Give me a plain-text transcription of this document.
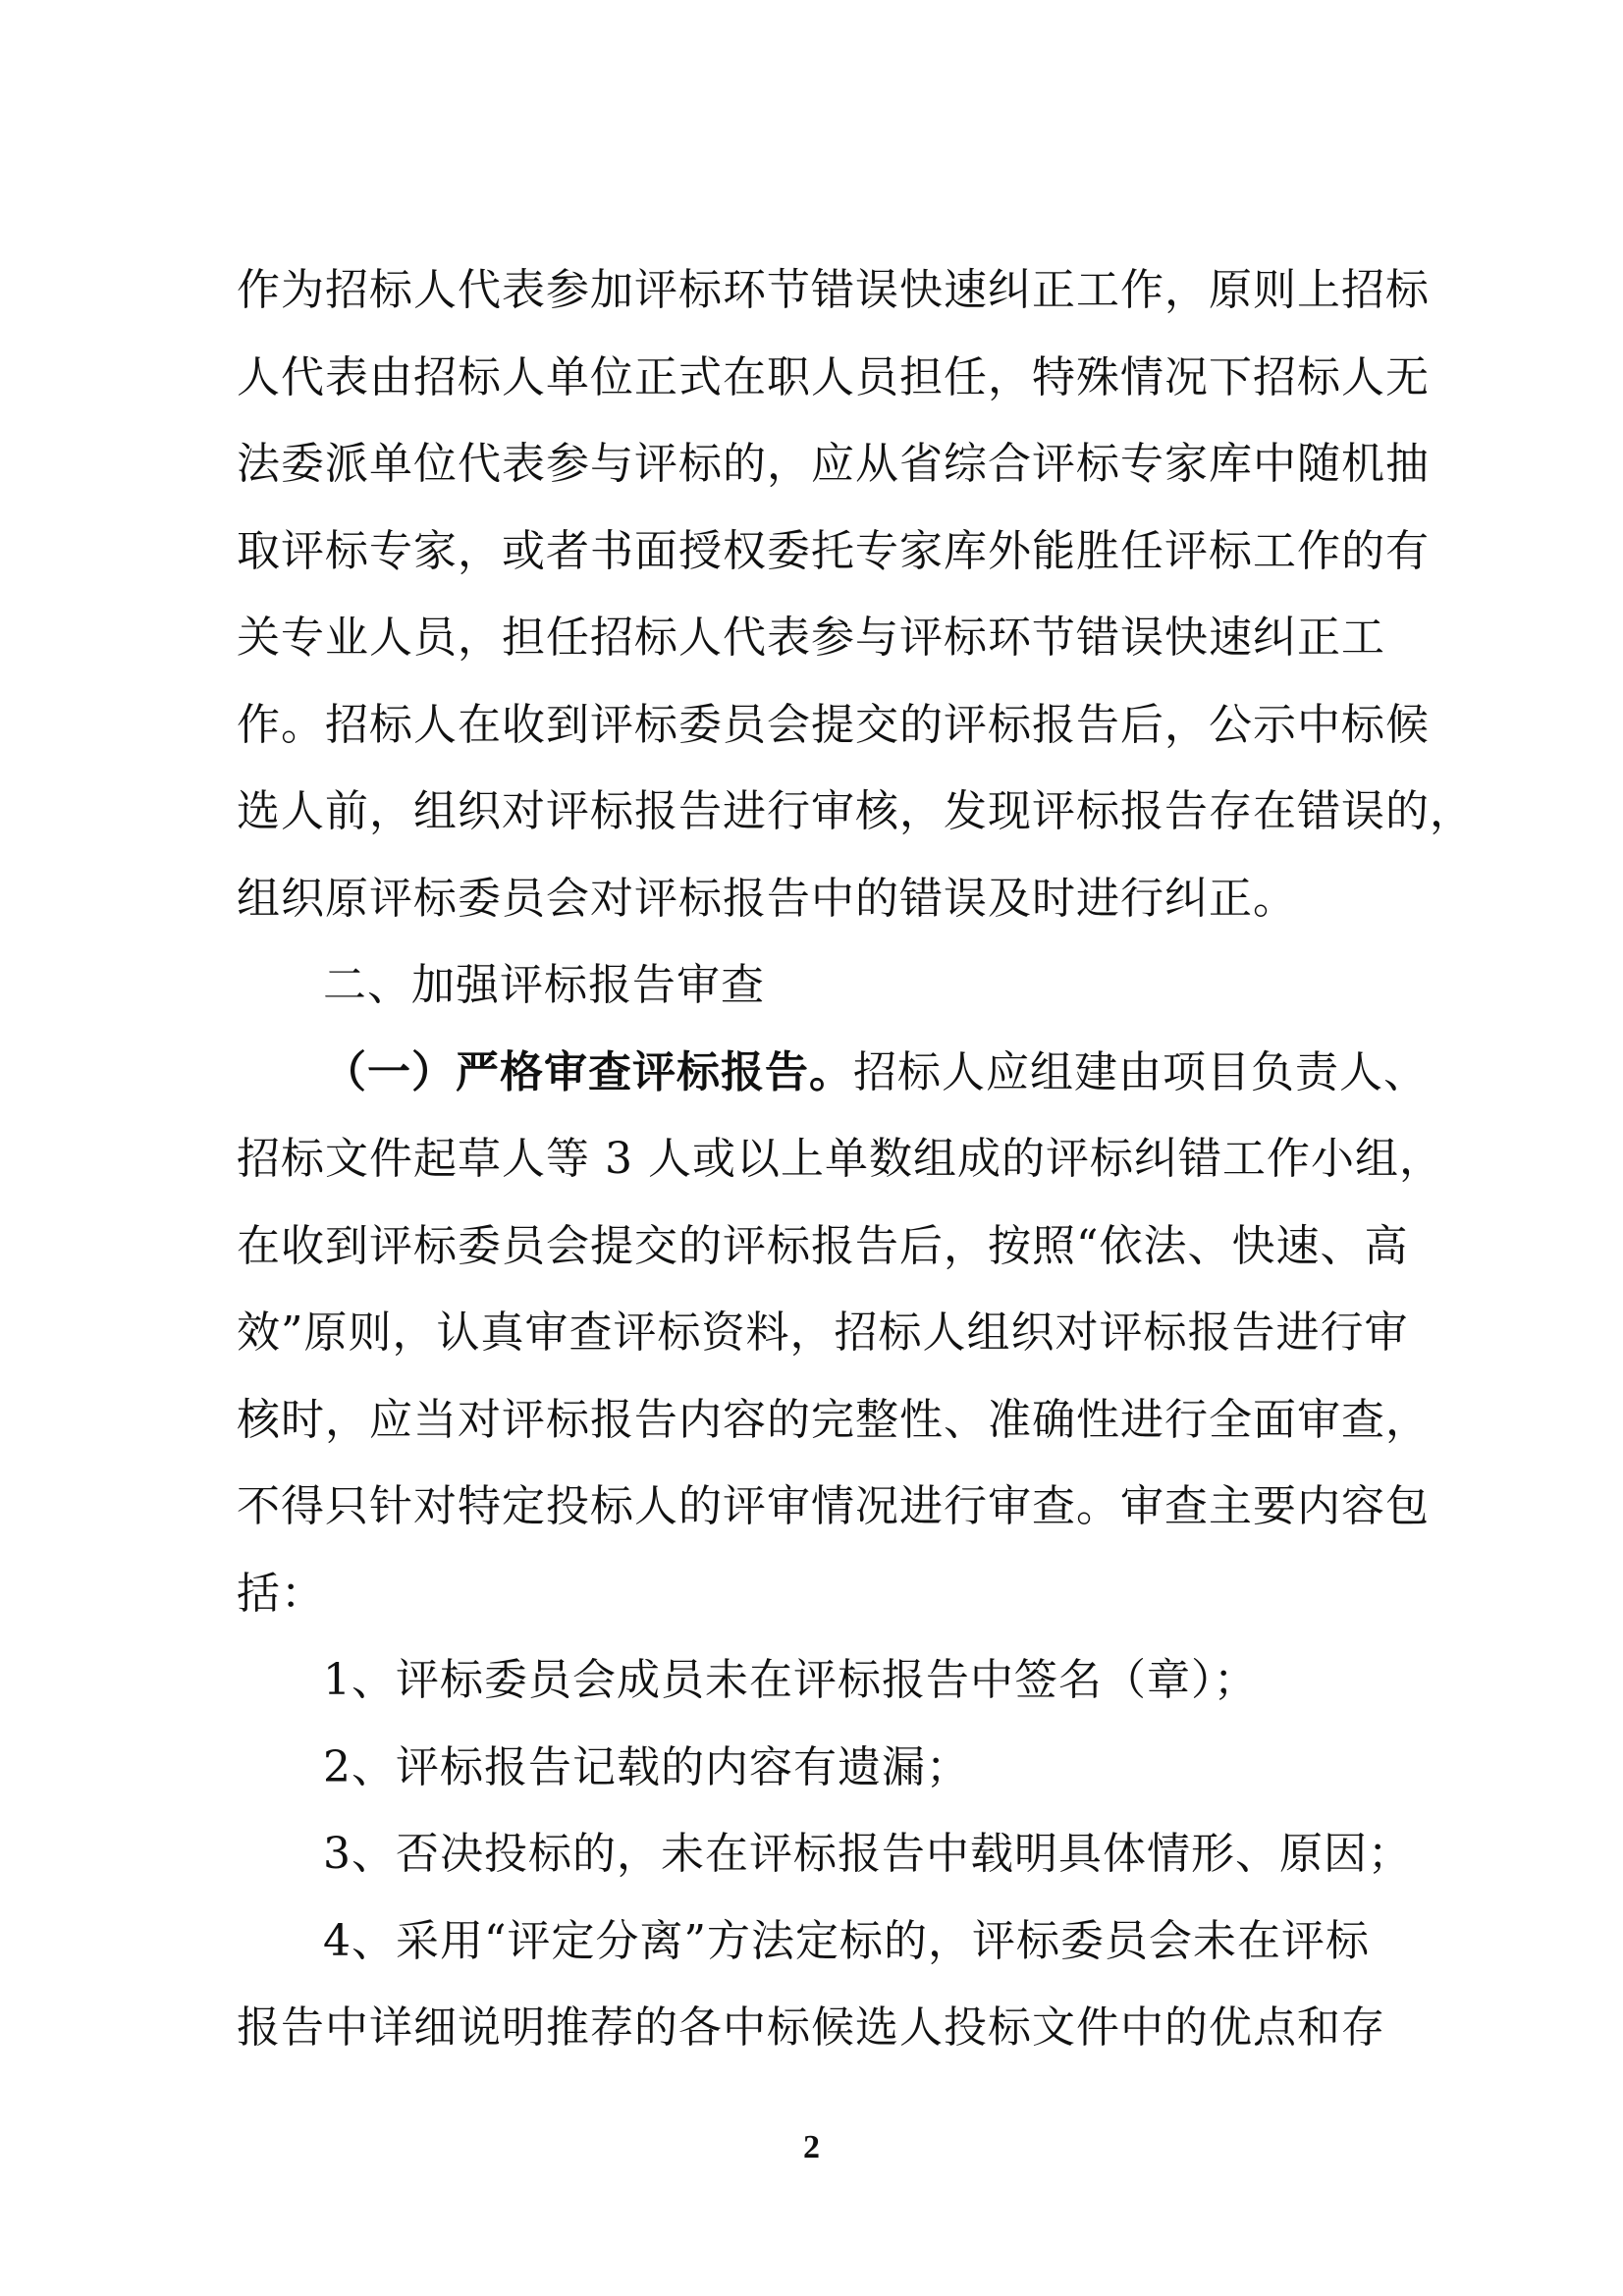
作为招标人代表参加评标环节错误快速纠正工作，原则上招标
人代表由招标人单位正式在职人员担任，特殊情况下招标人无
法委派单位代表参与评标的，应从省综合评标专家库中随机抽
取评标专家，或者书面授权委托专家库外能胜任评标工作的有
关专业人员，担任招标人代表参与评标环节错误快速纠正工
作。招标人在收到评标委员会提交的评标报告后，公示中标候
选人前，组织对评标报告进行审核，发现评标报告存在错误的，
组织原评标委员会对评标报告中的错误及时进行纠正。
二、加强评标报告审查
（一）严格审查评标报告。招标人应组建由项目负责人、
招标文件起草人等 3 人或以上单数组成的评标纠错工作小组，
在收到评标委员会提交的评标报告后，按照“依法、快速、高
效”原则，认真审查评标资料，招标人组织对评标报告进行审
核时，应当对评标报告内容的完整性、准确性进行全面审查，
不得只针对特定投标人的评审情况进行审查。审查主要内容包
括：
1、评标委员会成员未在评标报告中签名（章）；
2、评标报告记载的内容有遗漏；
3、否决投标的，未在评标报告中载明具体情形、原因；
4、采用“评定分离”方法定标的，评标委员会未在评标
报告中详细说明推荐的各中标候选人投标文件中的优点和存
2
